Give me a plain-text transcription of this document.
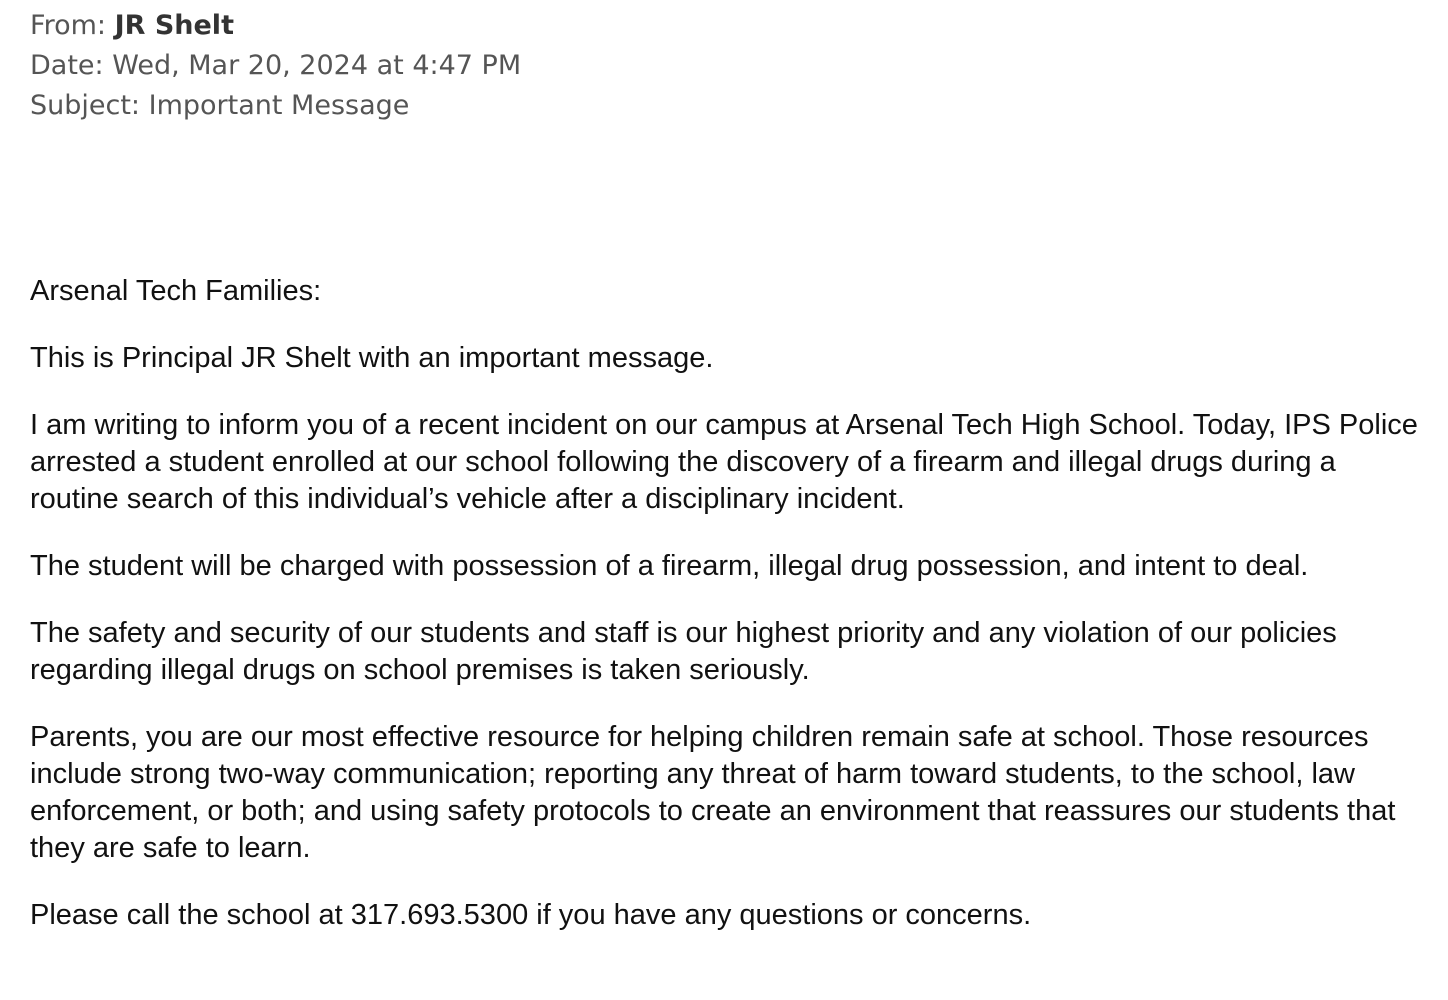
From: JR Shelt
Date: Wed, Mar 20, 2024 at 4:47 PM
Subject: Important Message

Arsenal Tech Families:

This is Principal JR Shelt with an important message.

I am writing to inform you of a recent incident on our campus at Arsenal Tech High School. Today, IPS Police arrested a student enrolled at our school following the discovery of a firearm and illegal drugs during a routine search of this individual’s vehicle after a disciplinary incident.

The student will be charged with possession of a firearm, illegal drug possession, and intent to deal.

The safety and security of our students and staff is our highest priority and any violation of our policies regarding illegal drugs on school premises is taken seriously.

Parents, you are our most effective resource for helping children remain safe at school. Those resources include strong two-way communication; reporting any threat of harm toward students, to the school, law enforcement, or both; and using safety protocols to create an environment that reassures our students that they are safe to learn.

Please call the school at 317.693.5300 if you have any questions or concerns.
